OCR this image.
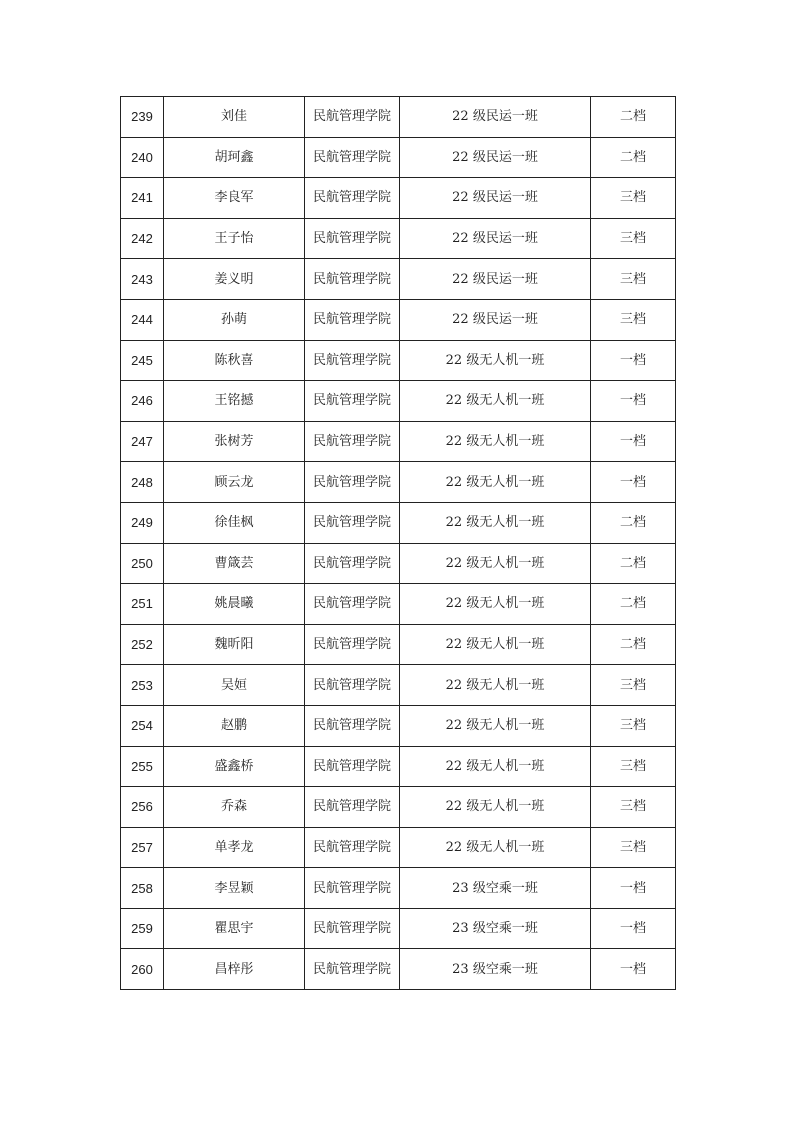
239	刘佳	民航管理学院	22 级民运一班	二档
240	胡珂鑫	民航管理学院	22 级民运一班	二档
241	李良军	民航管理学院	22 级民运一班	三档
242	王子怡	民航管理学院	22 级民运一班	三档
243	姜义明	民航管理学院	22 级民运一班	三档
244	孙萌	民航管理学院	22 级民运一班	三档
245	陈秋喜	民航管理学院	22 级无人机一班	一档
246	王铭撼	民航管理学院	22 级无人机一班	一档
247	张树芳	民航管理学院	22 级无人机一班	一档
248	顾云龙	民航管理学院	22 级无人机一班	一档
249	徐佳枫	民航管理学院	22 级无人机一班	二档
250	曹箴芸	民航管理学院	22 级无人机一班	二档
251	姚晨曦	民航管理学院	22 级无人机一班	二档
252	魏昕阳	民航管理学院	22 级无人机一班	二档
253	吴姮	民航管理学院	22 级无人机一班	三档
254	赵鹏	民航管理学院	22 级无人机一班	三档
255	盛鑫桥	民航管理学院	22 级无人机一班	三档
256	乔森	民航管理学院	22 级无人机一班	三档
257	单孝龙	民航管理学院	22 级无人机一班	三档
258	李昱颖	民航管理学院	23 级空乘一班	一档
259	瞿思宇	民航管理学院	23 级空乘一班	一档
260	昌梓彤	民航管理学院	23 级空乘一班	一档
